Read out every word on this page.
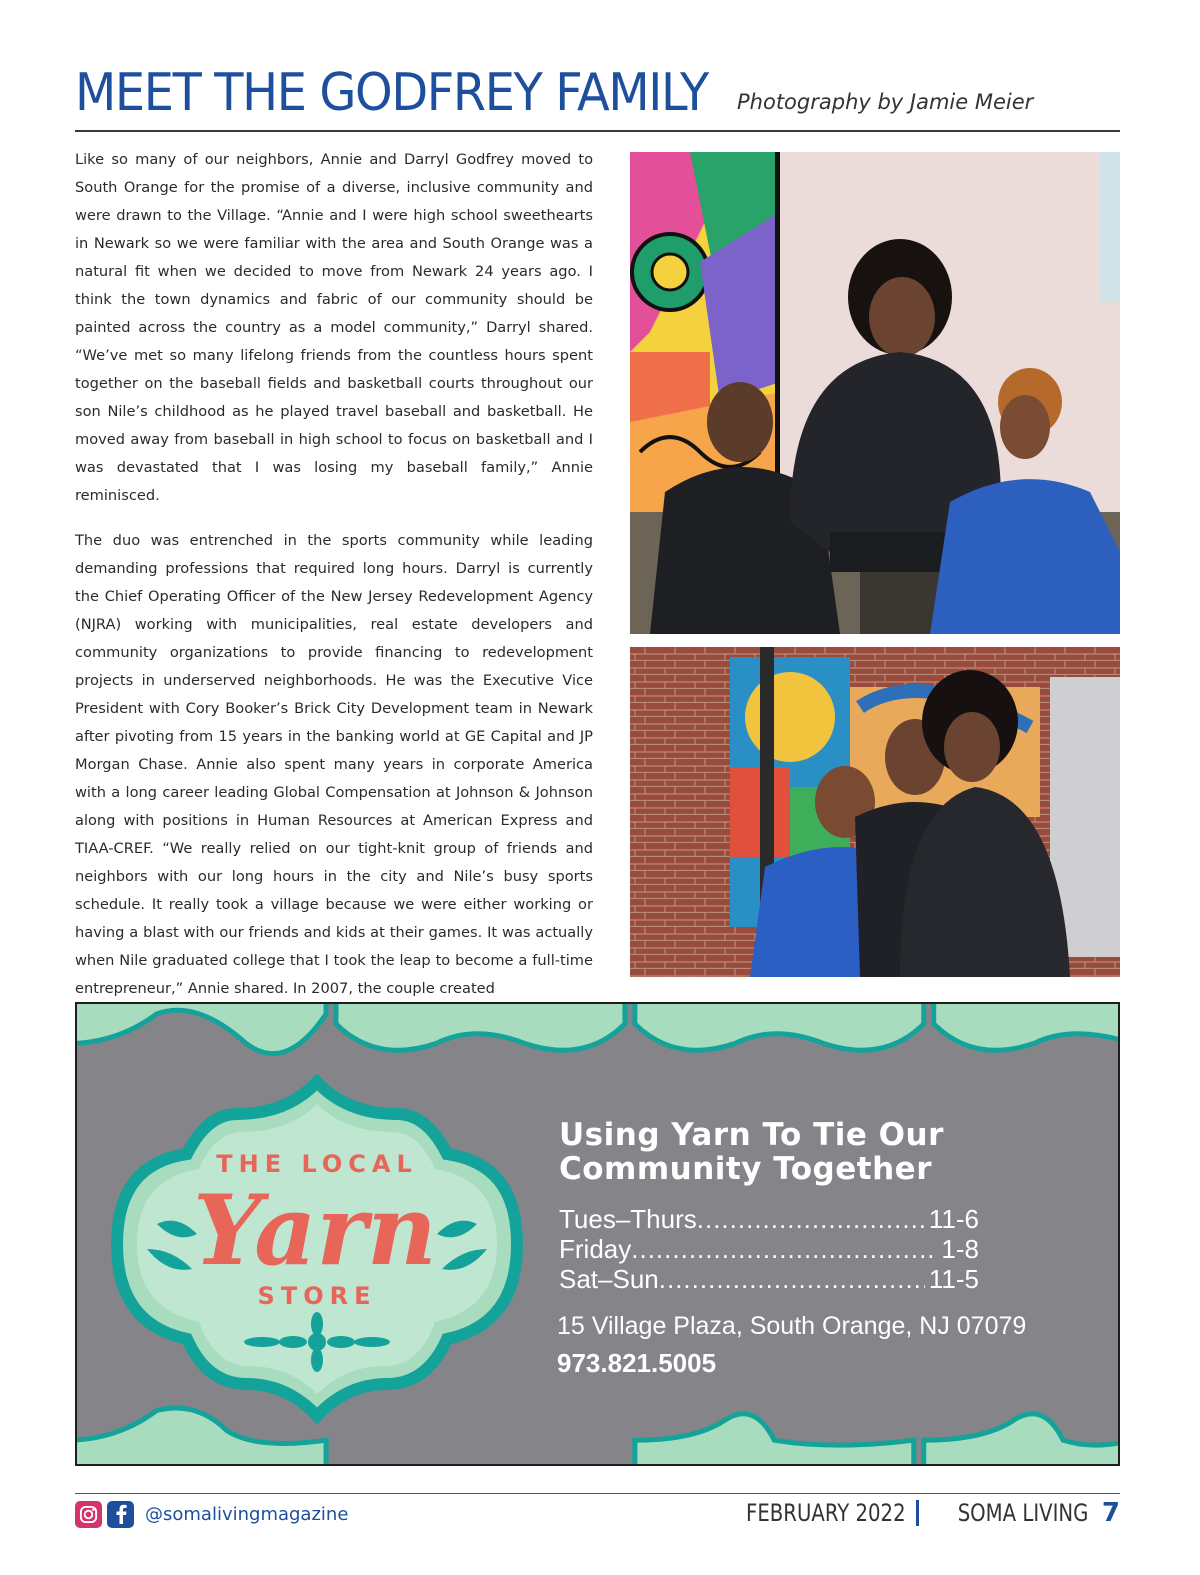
MEET THE GODFREY FAMILY Photography by Jamie Meier

Like so many of our neighbors, Annie and Darryl Godfrey moved to South Orange for the promise of a diverse, inclusive community and were drawn to the Village. “Annie and I were high school sweethearts in Newark so we were familiar with the area and South Orange was a natural fit when we decided to move from Newark 24 years ago. I think the town dynamics and fabric of our community should be painted across the country as a model community,” Darryl shared. “We’ve met so many lifelong friends from the countless hours spent together on the baseball fields and basketball courts throughout our son Nile’s childhood as he played travel baseball and basketball. He moved away from baseball in high school to focus on basketball and I was devastated that I was losing my baseball family,” Annie reminisced.

The duo was entrenched in the sports community while leading demanding professions that required long hours. Darryl is currently the Chief Operating Officer of the New Jersey Redevelopment Agency (NJRA) working with municipalities, real estate developers and community organizations to provide financing to redevelopment projects in underserved neighborhoods. He was the Executive Vice President with Cory Booker’s Brick City Development team in Newark after pivoting from 15 years in the banking world at GE Capital and JP Morgan Chase. Annie also spent many years in corporate America with a long career leading Global Compensation at Johnson & Johnson along with positions in Human Resources at American Express and TIAA-CREF. “We really relied on our tight-knit group of friends and neighbors with our long hours in the city and Nile’s busy sports schedule. It really took a village because we were either working or having a blast with our friends and kids at their games. It was actually when Nile graduated college that I took the leap to become a full-time entrepreneur,” Annie shared. In 2007, the couple created

THE LOCAL
Yarn
STORE
Using Yarn To Tie Our
Community Together
Tues–Thurs .....	11-6
Friday .....	1-8
Sat–Sun .....	11-5
15 Village Plaza, South Orange, NJ 07079
973.821.5005
@somalivingmagazine	FEBRUARY 2022 SOMA LIVING 7
